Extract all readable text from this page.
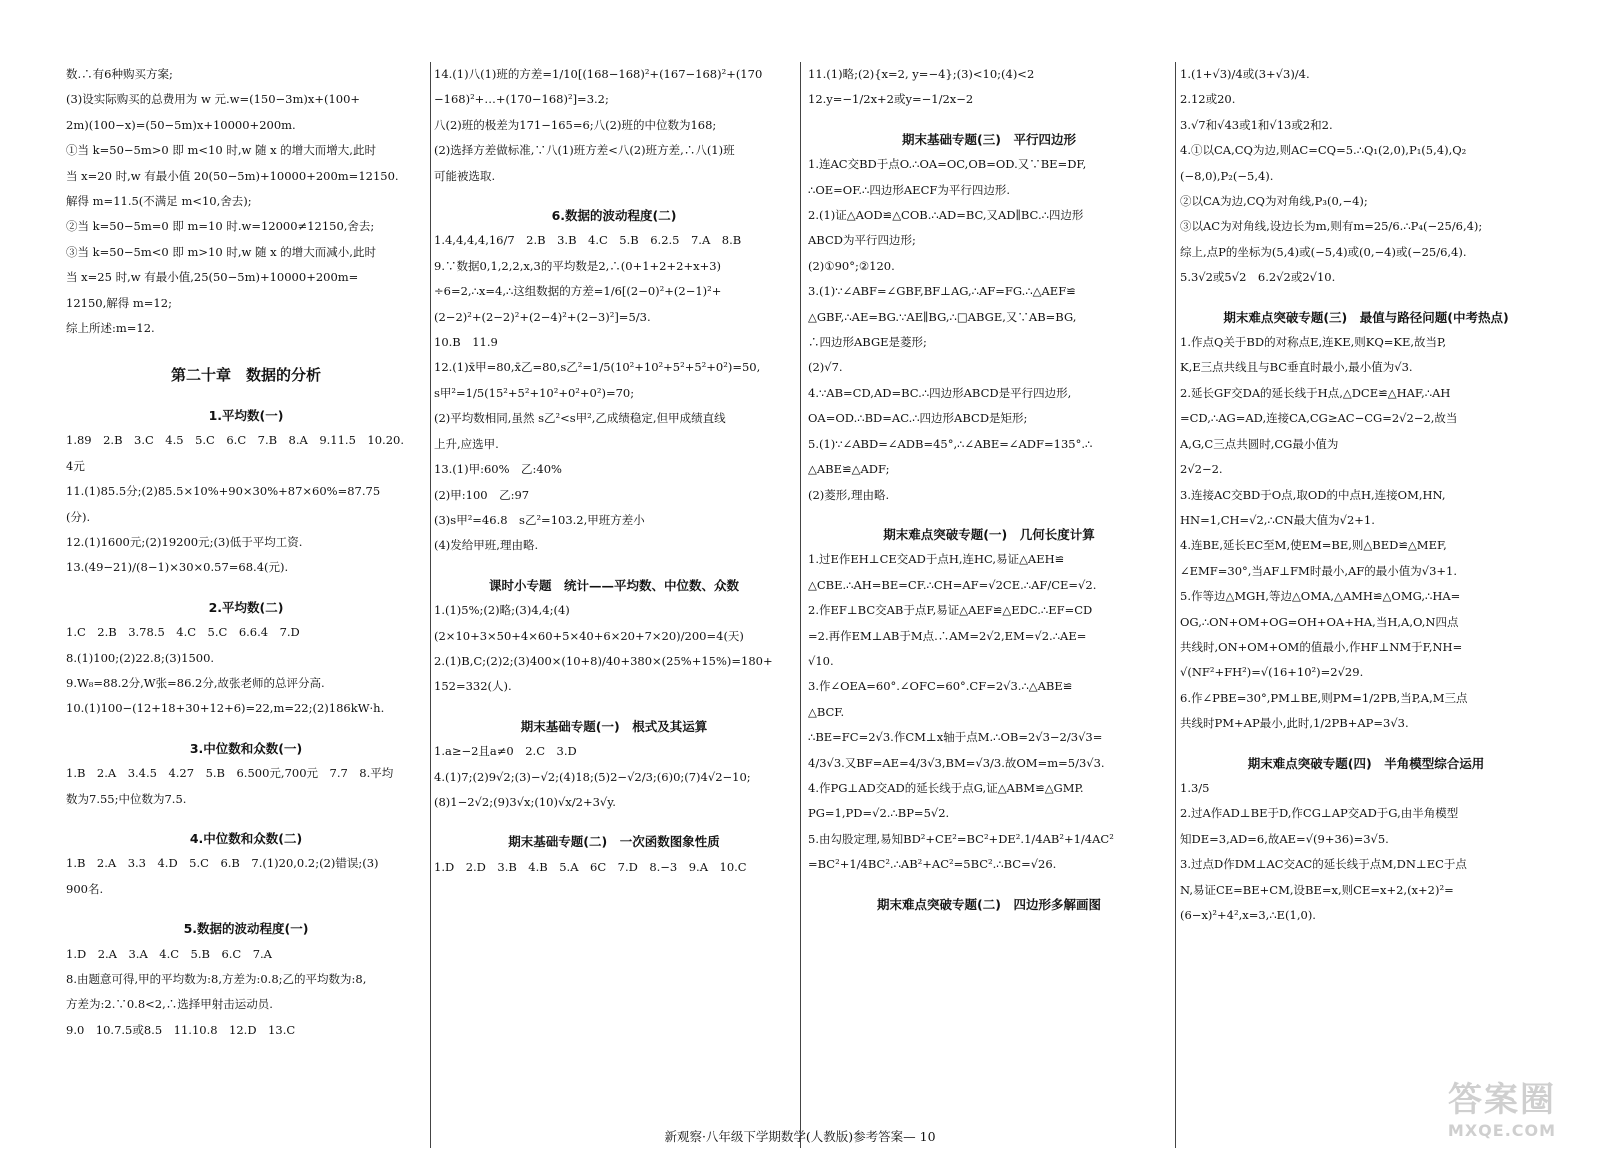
数.∴有6种购买方案;
(3)设实际购买的总费用为 w 元.w=(150−3m)x+(100+
2m)(100−x)=(50−5m)x+10000+200m.
①当 k=50−5m>0 即 m<10 时,w 随 x 的增大而增大,此时
当 x=20 时,w 有最小值 20(50−5m)+10000+200m=12150.
解得 m=11.5(不满足 m<10,舍去);
②当 k=50−5m=0 即 m=10 时.w=12000≠12150,舍去;
③当 k=50−5m<0 即 m>10 时,w 随 x 的增大而减小,此时
当 x=25 时,w 有最小值,25(50−5m)+10000+200m=
12150,解得 m=12;
综上所述:m=12.
第二十章　数据的分析
1.平均数(一)
1.89　2.B　3.C　4.5　5.C　6.C　7.B　8.A　9.11.5　10.20.
4元
11.(1)85.5分;(2)85.5×10%+90×30%+87×60%=87.75
(分).
12.(1)1600元;(2)19200元;(3)低于平均工资.
13.(49−21)/(8−1)×30×0.57=68.4(元).
2.平均数(二)
1.C　2.B　3.78.5　4.C　5.C　6.6.4　7.D
8.(1)100;(2)22.8;(3)1500.
9.W₈=88.2分,W张=86.2分,故张老师的总评分高.
10.(1)100−(12+18+30+12+6)=22,m=22;(2)186kW·h.
3.中位数和众数(一)
1.B　2.A　3.4.5　4.27　5.B　6.500元,700元　7.7　8.平均
数为7.55;中位数为7.5.
4.中位数和众数(二)
1.B　2.A　3.3　4.D　5.C　6.B　7.(1)20,0.2;(2)错误;(3)
900名.
5.数据的波动程度(一)
1.D　2.A　3.A　4.C　5.B　6.C　7.A
8.由题意可得,甲的平均数为:8,方差为:0.8;乙的平均数为:8,
方差为:2.∵0.8<2,∴选择甲射击运动员.
9.0　10.7.5或8.5　11.10.8　12.D　13.C
14.(1)八(1)班的方差=1/10[(168−168)²+(167−168)²+(170
−168)²+…+(170−168)²]=3.2;
八(2)班的极差为171−165=6;八(2)班的中位数为168;
(2)选择方差做标准,∵八(1)班方差<八(2)班方差,∴八(1)班
可能被选取.
6.数据的波动程度(二)
1.4,4,4,4,16/7　2.B　3.B　4.C　5.B　6.2.5　7.A　8.B
9.∵数据0,1,2,2,x,3的平均数是2,∴(0+1+2+2+x+3)
÷6=2,∴x=4,∴这组数据的方差=1/6[(2−0)²+(2−1)²+
(2−2)²+(2−2)²+(2−4)²+(2−3)²]=5/3.
10.B　11.9
12.(1)x̄甲=80,x̄乙=80,s乙²=1/5(10²+10²+5²+5²+0²)=50,
s甲²=1/5(15²+5²+10²+0²+0²)=70;
(2)平均数相同,虽然 s乙²<s甲²,乙成绩稳定,但甲成绩直线
上升,应选甲.
13.(1)甲:60%　乙:40%
(2)甲:100　乙:97
(3)s甲²=46.8　s乙²=103.2,甲班方差小
(4)发给甲班,理由略.
课时小专题　统计——平均数、中位数、众数
1.(1)5%;(2)略;(3)4,4;(4)
(2×10+3×50+4×60+5×40+6×20+7×20)/200=4(天)
2.(1)B,C;(2)2;(3)400×(10+8)/40+380×(25%+15%)=180+
152=332(人).
期末基础专题(一)　根式及其运算
1.a≥−2且a≠0　2.C　3.D
4.(1)7;(2)9√2;(3)−√2;(4)18;(5)2−√2/3;(6)0;(7)4√2−10;
(8)1−2√2;(9)3√x;(10)√x/2+3√y.
期末基础专题(二)　一次函数图象性质
1.D　2.D　3.B　4.B　5.A　6C　7.D　8.−3　9.A　10.C
11.(1)略;(2){x=2, y=−4};(3)<10;(4)<2
12.y=−1/2x+2或y=−1/2x−2
期末基础专题(三)　平行四边形
1.连AC交BD于点O.∴OA=OC,OB=OD.又∵BE=DF,
∴OE=OF.∴四边形AECF为平行四边形.
2.(1)证△AOD≌△COB.∴AD=BC,又AD∥BC.∴四边形
ABCD为平行四边形;
(2)①90°;②120.
3.(1)∵∠ABF=∠GBF,BF⊥AG,∴AF=FG.∴△AEF≌
△GBF,∴AE=BG.∵AE∥BG,∴□ABGE,又∵AB=BG,
∴四边形ABGE是菱形;
(2)√7.
4.∵AB=CD,AD=BC.∴四边形ABCD是平行四边形,
OA=OD.∴BD=AC.∴四边形ABCD是矩形;
5.(1)∵∠ABD=∠ADB=45°,∴∠ABE=∠ADF=135°.∴
△ABE≌△ADF;
(2)菱形,理由略.
期末难点突破专题(一)　几何长度计算
1.过E作EH⊥CE交AD于点H,连HC,易证△AEH≌
△CBE.∴AH=BE=CF.∴CH=AF=√2CE.∴AF/CE=√2.
2.作EF⊥BC交AB于点F,易证△AEF≌△EDC.∴EF=CD
=2.再作EM⊥AB于M点.∴AM=2√2,EM=√2.∴AE=
√10.
3.作∠OEA=60°.∠OFC=60°.CF=2√3.∴△ABE≌
△BCF.
∴BE=FC=2√3.作CM⊥x轴于点M.∴OB=2√3−2/3√3=
4/3√3.又BF=AE=4/3√3,BM=√3/3.故OM=m=5/3√3.
4.作PG⊥AD交AD的延长线于点G,证△ABM≌△GMP.
PG=1,PD=√2.∴BP=5√2.
5.由勾股定理,易知BD²+CE²=BC²+DE².1/4AB²+1/4AC²
=BC²+1/4BC².∴AB²+AC²=5BC².∴BC=√26.
期末难点突破专题(二)　四边形多解画图
1.(1+√3)/4或(3+√3)/4.
2.12或20.
3.√7和√43或1和√13或2和2.
4.①以CA,CQ为边,则AC=CQ=5.∴Q₁(2,0),P₁(5,4),Q₂
(−8,0),P₂(−5,4).
②以CA为边,CQ为对角线,P₃(0,−4);
③以AC为对角线,设边长为m,则有m=25/6.∴P₄(−25/6,4);
综上,点P的坐标为(5,4)或(−5,4)或(0,−4)或(−25/6,4).
5.3√2或5√2　6.2√2或2√10.
期末难点突破专题(三)　最值与路径问题(中考热点)
1.作点Q关于BD的对称点E,连KE,则KQ=KE,故当P,
K,E三点共线且与BC垂直时最小,最小值为√3.
2.延长GF交DA的延长线于H点,△DCE≌△HAF,∴AH
=CD,∴AG=AD,连接CA,CG≥AC−CG=2√2−2,故当
A,G,C三点共圆时,CG最小值为
2√2−2.
3.连接AC交BD于O点,取OD的中点H,连接OM,HN,
HN=1,CH=√2,∴CN最大值为√2+1.
4.连BE,延长EC至M,使EM=BE,则△BED≌△MEF,
∠EMF=30°,当AF⊥FM时最小,AF的最小值为√3+1.
5.作等边△MGH,等边△OMA,△AMH≌△OMG,∴HA=
OG,∴ON+OM+OG=OH+OA+HA,当H,A,O,N四点
共线时,ON+OM+OM的值最小,作HF⊥NM于F,NH=
√(NF²+FH²)=√(16+10²)=2√29.
6.作∠PBE=30°,PM⊥BE,则PM=1/2PB,当P,A,M三点
共线时PM+AP最小,此时,1/2PB+AP=3√3.
期末难点突破专题(四)　半角模型综合运用
1.3/5
2.过A作AD⊥BE于D,作CG⊥AP交AD于G,由半角模型
知DE=3,AD=6,故AE=√(9+36)=3√5.
3.过点D作DM⊥AC交AC的延长线于点M,DN⊥EC于点
N,易证CE=BE+CM,设BE=x,则CE=x+2,(x+2)²=
(6−x)²+4²,x=3,∴E(1,0).
新观察·八年级下学期数学(人教版)参考答案— 10
答案圈
MXQE.COM
